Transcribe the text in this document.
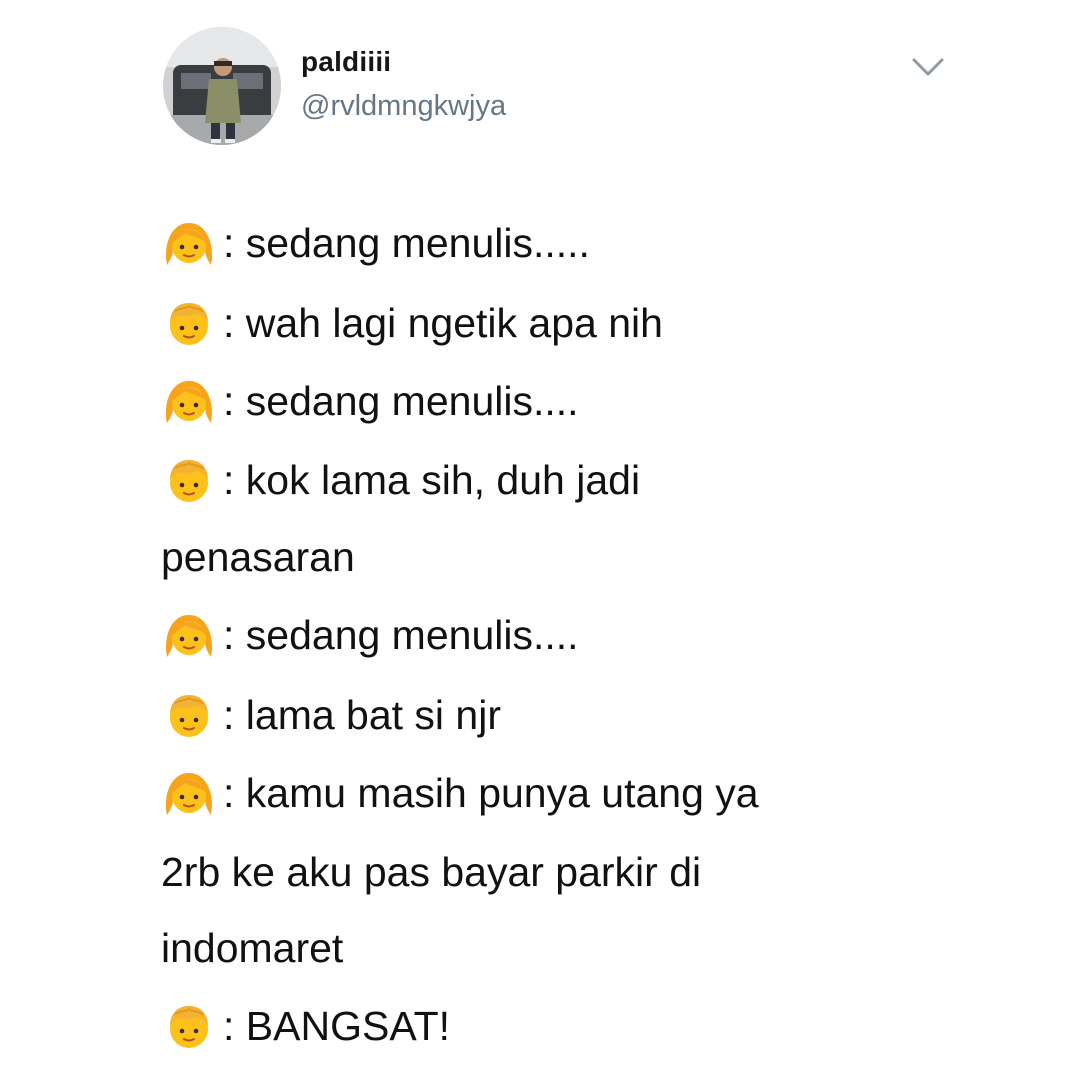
paldiiii
@rvldmngkwjya
: sedang menulis.....
: wah lagi ngetik apa nih
: sedang menulis....
: kok lama sih, duh jadi
penasaran
: sedang menulis....
: lama bat si njr
: kamu masih punya utang ya
2rb ke aku pas bayar parkir di
indomaret
: BANGSAT!
